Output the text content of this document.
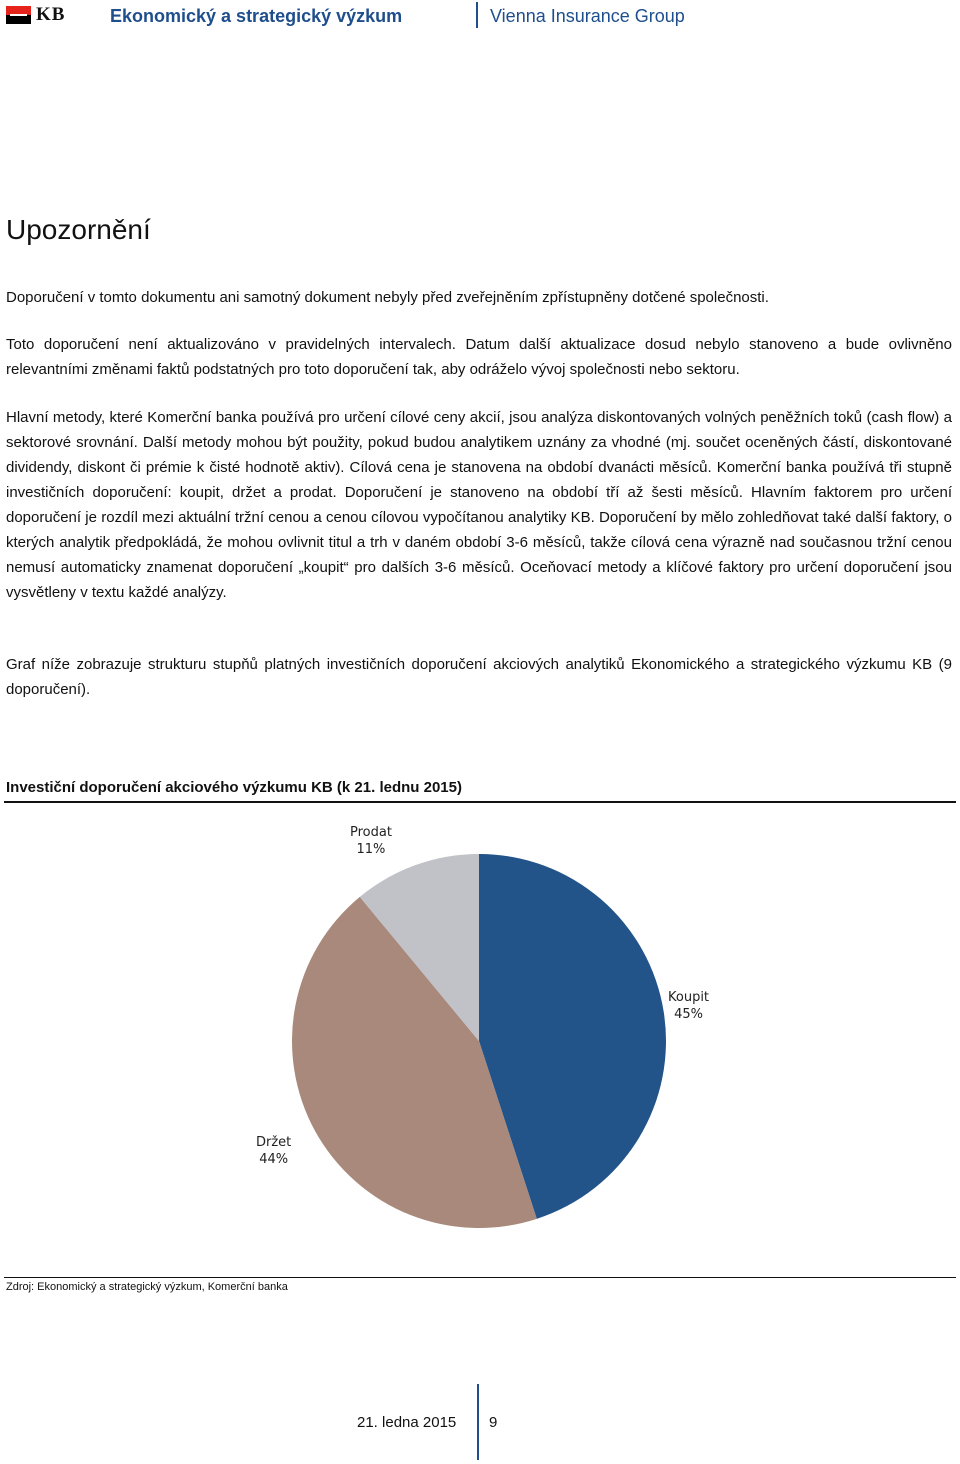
KB Ekonomický a strategický výzkum	Vienna Insurance Group
Upozornění

Doporučení v tomto dokumentu ani samotný dokument nebyly před zveřejněním zpřístupněny dotčené společnosti.

Toto doporučení není aktualizováno v pravidelných intervalech. Datum další aktualizace dosud nebylo stanoveno a bude ovlivněno relevantními změnami faktů podstatných pro toto doporučení tak, aby odráželo vývoj společnosti nebo sektoru.

Hlavní metody, které Komerční banka používá pro určení cílové ceny akcií, jsou analýza diskontovaných volných peněžních toků (cash flow) a sektorové srovnání. Další metody mohou být použity, pokud budou analytikem uznány za vhodné (mj. součet oceněných částí, diskontované dividendy, diskont či prémie k čisté hodnotě aktiv). Cílová cena je stanovena na období dvanácti měsíců. Komerční banka používá tři stupně investičních doporučení: koupit, držet a prodat. Doporučení je stanoveno na období tří až šesti měsíců. Hlavním faktorem pro určení doporučení je rozdíl mezi aktuální tržní cenou a cenou cílovou vypočítanou analytiky KB. Doporučení by mělo zohledňovat také další faktory, o kterých analytik předpokládá, že mohou ovlivnit titul a trh v daném období 3-6 měsíců, takže cílová cena výrazně nad současnou tržní cenou nemusí automaticky znamenat doporučení „koupit“ pro dalších 3-6 měsíců. Oceňovací metody a klíčové faktory pro určení doporučení jsou vysvětleny v textu každé analýzy.

Graf níže zobrazuje strukturu stupňů platných investičních doporučení akciových analytiků Ekonomického a strategického výzkumu KB (9 doporučení).

Investiční doporučení akciového výzkumu KB (k 21. lednu 2015)
Koupit
45%
Držet
44%
Prodat
11%
Zdroj: Ekonomický a strategický výzkum, Komerční banka
21. ledna 2015 9
